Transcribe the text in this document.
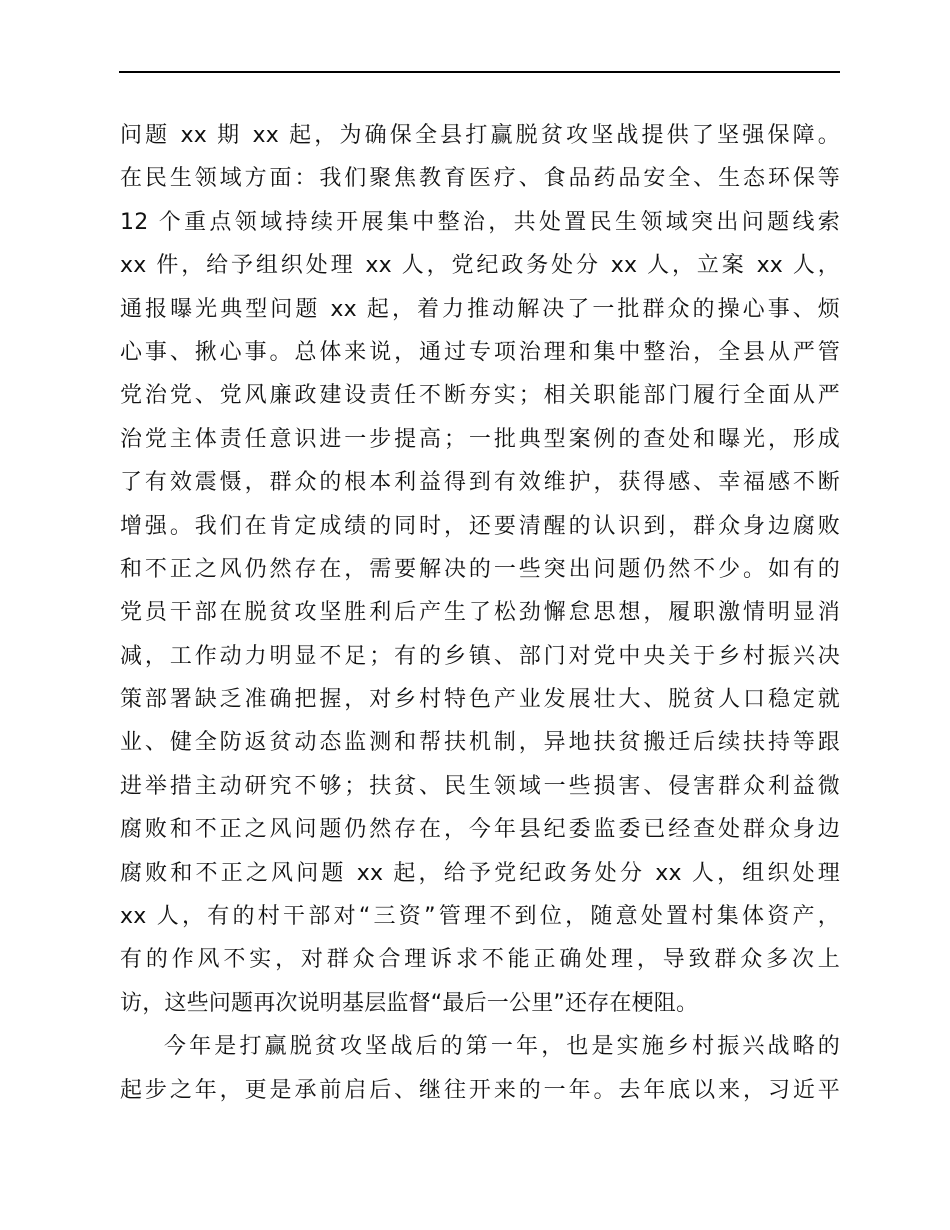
问题 xx 期 xx 起，为确保全县打赢脱贫攻坚战提供了坚强保障。
在民生领域方面：我们聚焦教育医疗、食品药品安全、生态环保等
12 个重点领域持续开展集中整治，共处置民生领域突出问题线索
xx 件，给予组织处理 xx 人，党纪政务处分 xx 人，立案 xx 人，
通报曝光典型问题 xx 起，着力推动解决了一批群众的操心事、烦
心事、揪心事。总体来说，通过专项治理和集中整治，全县从严管
党治党、党风廉政建设责任不断夯实；相关职能部门履行全面从严
治党主体责任意识进一步提高；一批典型案例的查处和曝光，形成
了有效震慑，群众的根本利益得到有效维护，获得感、幸福感不断
增强。我们在肯定成绩的同时，还要清醒的认识到，群众身边腐败
和不正之风仍然存在，需要解决的一些突出问题仍然不少。如有的
党员干部在脱贫攻坚胜利后产生了松劲懈怠思想，履职激情明显消
减，工作动力明显不足；有的乡镇、部门对党中央关于乡村振兴决
策部署缺乏准确把握，对乡村特色产业发展壮大、脱贫人口稳定就
业、健全防返贫动态监测和帮扶机制，异地扶贫搬迁后续扶持等跟
进举措主动研究不够；扶贫、民生领域一些损害、侵害群众利益微
腐败和不正之风问题仍然存在，今年县纪委监委已经查处群众身边
腐败和不正之风问题 xx 起，给予党纪政务处分 xx 人，组织处理
xx 人，有的村干部对“三资”管理不到位，随意处置村集体资产，
有的作风不实，对群众合理诉求不能正确处理，导致群众多次上
访，这些问题再次说明基层监督“最后一公里”还存在梗阻。
今年是打赢脱贫攻坚战后的第一年，也是实施乡村振兴战略的
起步之年，更是承前启后、继往开来的一年。去年底以来，习近平
